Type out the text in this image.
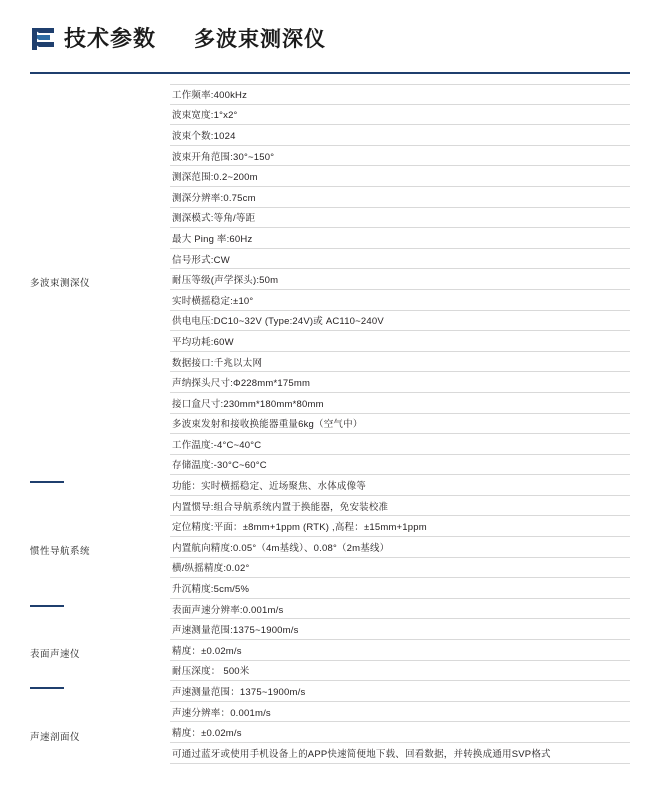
技术参数 多波束测深仪
多波束测深仪
惯性导航系统
表面声速仪
声速剖面仪
工作频率:400kHz
波束宽度:1°x2°
波束个数:1024
波束开角范围:30°~150°
测深范围:0.2~200m
测深分辨率:0.75cm
测深模式:等角/等距
最大 Ping 率:60Hz
信号形式:CW
耐压等级(声学探头):50m
实时横摇稳定:±10°
供电电压:DC10~32V (Type:24V)或 AC110~240V
平均功耗:60W
数据接口:千兆以太网
声纳探头尺寸:Φ228mm*175mm
接口盒尺寸:230mm*180mm*80mm
多波束发射和接收换能器重量6kg（空气中）
工作温度:-4°C~40°C
存储温度:-30°C~60°C
功能：实时横摇稳定、近场聚焦、水体成像等
内置惯导:组合导航系统内置于换能器，免安装校准
定位精度:平面：±8mm+1ppm (RTK) ,高程：±15mm+1ppm
内置航向精度:0.05°（4m基线）、0.08°（2m基线）
横/纵摇精度:0.02°
升沉精度:5cm/5%
表面声速分辨率:0.001m/s
声速测量范围:1375~1900m/s
精度：±0.02m/s
耐压深度： 500米
声速测量范围：1375~1900m/s
声速分辨率：0.001m/s
精度：±0.02m/s
可通过蓝牙或使用手机设备上的APP快速简便地下载、回看数据，并转换成通用SVP格式
